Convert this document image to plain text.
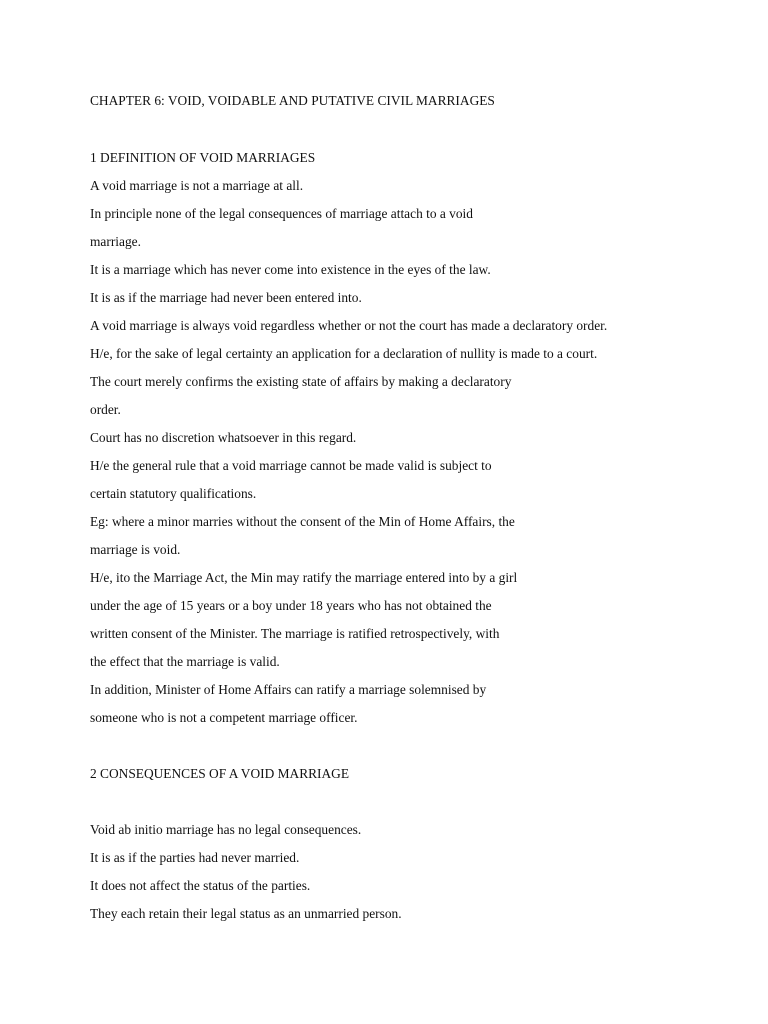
CHAPTER 6: VOID, VOIDABLE AND PUTATIVE CIVIL MARRIAGES
1 DEFINITION OF VOID MARRIAGES
A void marriage is not a marriage at all.
In principle none of the legal consequences of marriage attach to a void
marriage.
It is a marriage which has never come into existence in the eyes of the law.
It is as if the marriage had never been entered into.
A void marriage is always void regardless whether or not the court has made a declaratory order.
H/e, for the sake of legal certainty an application for a declaration of nullity is made to a court.
The court merely confirms the existing state of affairs by making a declaratory
order.
Court has no discretion whatsoever in this regard.
H/e the general rule that a void marriage cannot be made valid is subject to
certain statutory qualifications.
Eg: where a minor marries without the consent of the Min of Home Affairs, the
marriage is void.
H/e, ito the Marriage Act, the Min may ratify the marriage entered into by a girl
under the age of 15 years or a boy under 18 years who has not obtained the
written consent of the Minister. The marriage is ratified retrospectively, with
the effect that the marriage is valid.
In addition, Minister of Home Affairs can ratify a marriage solemnised by
someone who is not a competent marriage officer.
2 CONSEQUENCES OF A VOID MARRIAGE
Void ab initio marriage has no legal consequences.
It is as if the parties had never married.
It does not affect the status of the parties.
They each retain their legal status as an unmarried person.
